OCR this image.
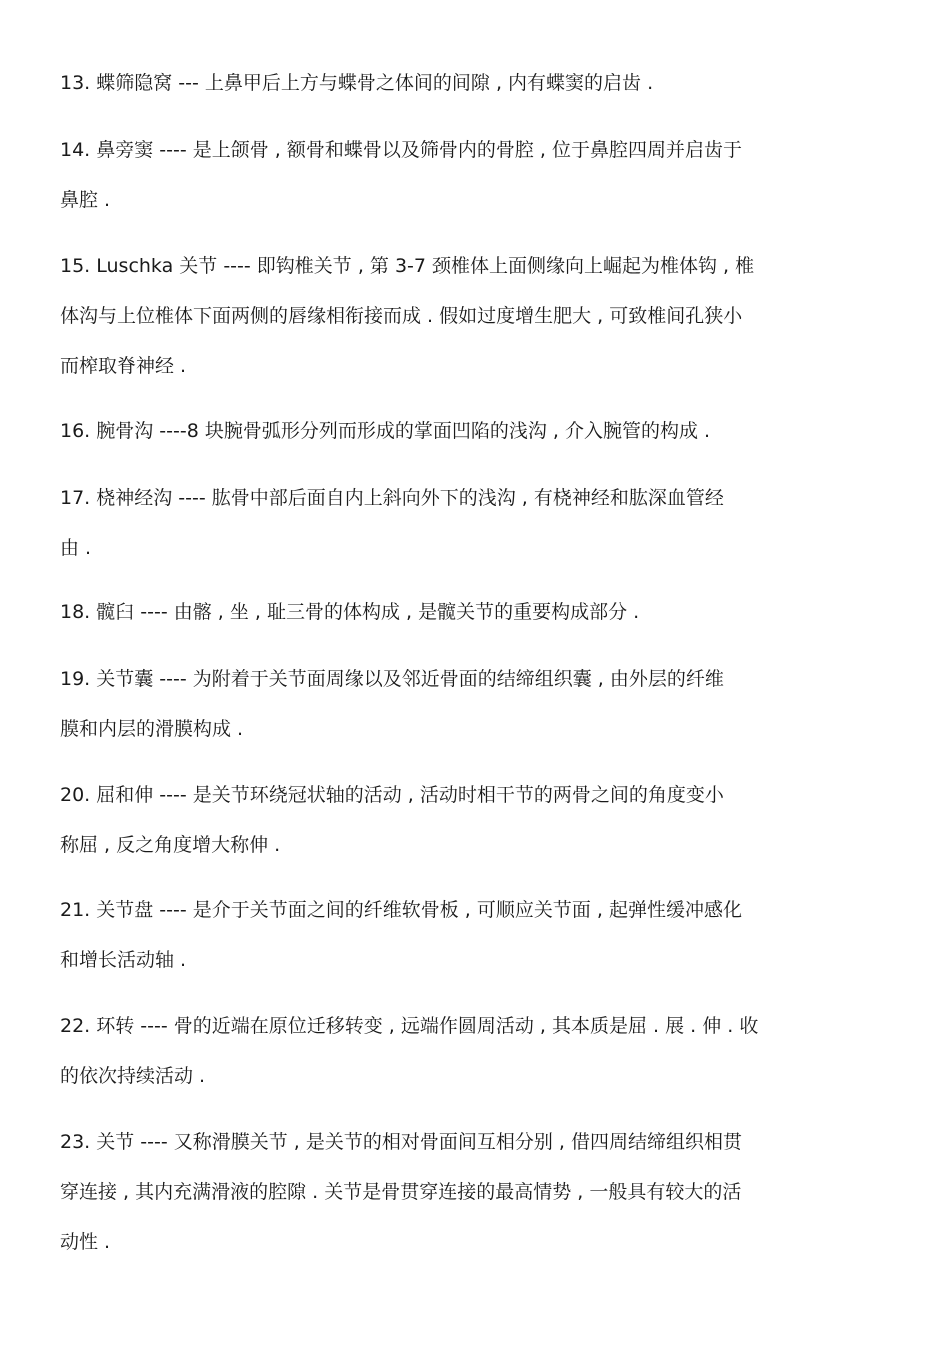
13. 蝶筛隐窝 --- 上鼻甲后上方与蝶骨之体间的间隙 , 内有蝶窦的启齿 .
14. 鼻旁窦 ---- 是上颌骨 , 额骨和蝶骨以及筛骨内的骨腔 , 位于鼻腔四周并启齿于
鼻腔 .
15. Luschka 关节 ---- 即钩椎关节 , 第 3-7 颈椎体上面侧缘向上崛起为椎体钩 , 椎
体沟与上位椎体下面两侧的唇缘相衔接而成 . 假如过度增生肥大 , 可致椎间孔狭小
而榨取脊神经 .
16. 腕骨沟 ----8 块腕骨弧形分列而形成的掌面凹陷的浅沟 , 介入腕管的构成 .
17. 桡神经沟 ---- 肱骨中部后面自内上斜向外下的浅沟 , 有桡神经和肱深血管经
由 .
18. 髋臼 ---- 由髂 , 坐 , 耻三骨的体构成 , 是髋关节的重要构成部分 .
19. 关节囊 ---- 为附着于关节面周缘以及邻近骨面的结缔组织囊 , 由外层的纤维
膜和内层的滑膜构成 .
20. 屈和伸 ---- 是关节环绕冠状轴的活动 , 活动时相干节的两骨之间的角度变小
称屈 , 反之角度增大称伸 .
21. 关节盘 ---- 是介于关节面之间的纤维软骨板 , 可顺应关节面 , 起弹性缓冲感化
和增长活动轴 .
22. 环转 ---- 骨的近端在原位迁移转变 , 远端作圆周活动 , 其本质是屈 . 展 . 伸 . 收
的依次持续活动 .
23. 关节 ---- 又称滑膜关节 , 是关节的相对骨面间互相分别 , 借四周结缔组织相贯
穿连接 , 其内充满滑液的腔隙 . 关节是骨贯穿连接的最高情势 , 一般具有较大的活
动性 .
